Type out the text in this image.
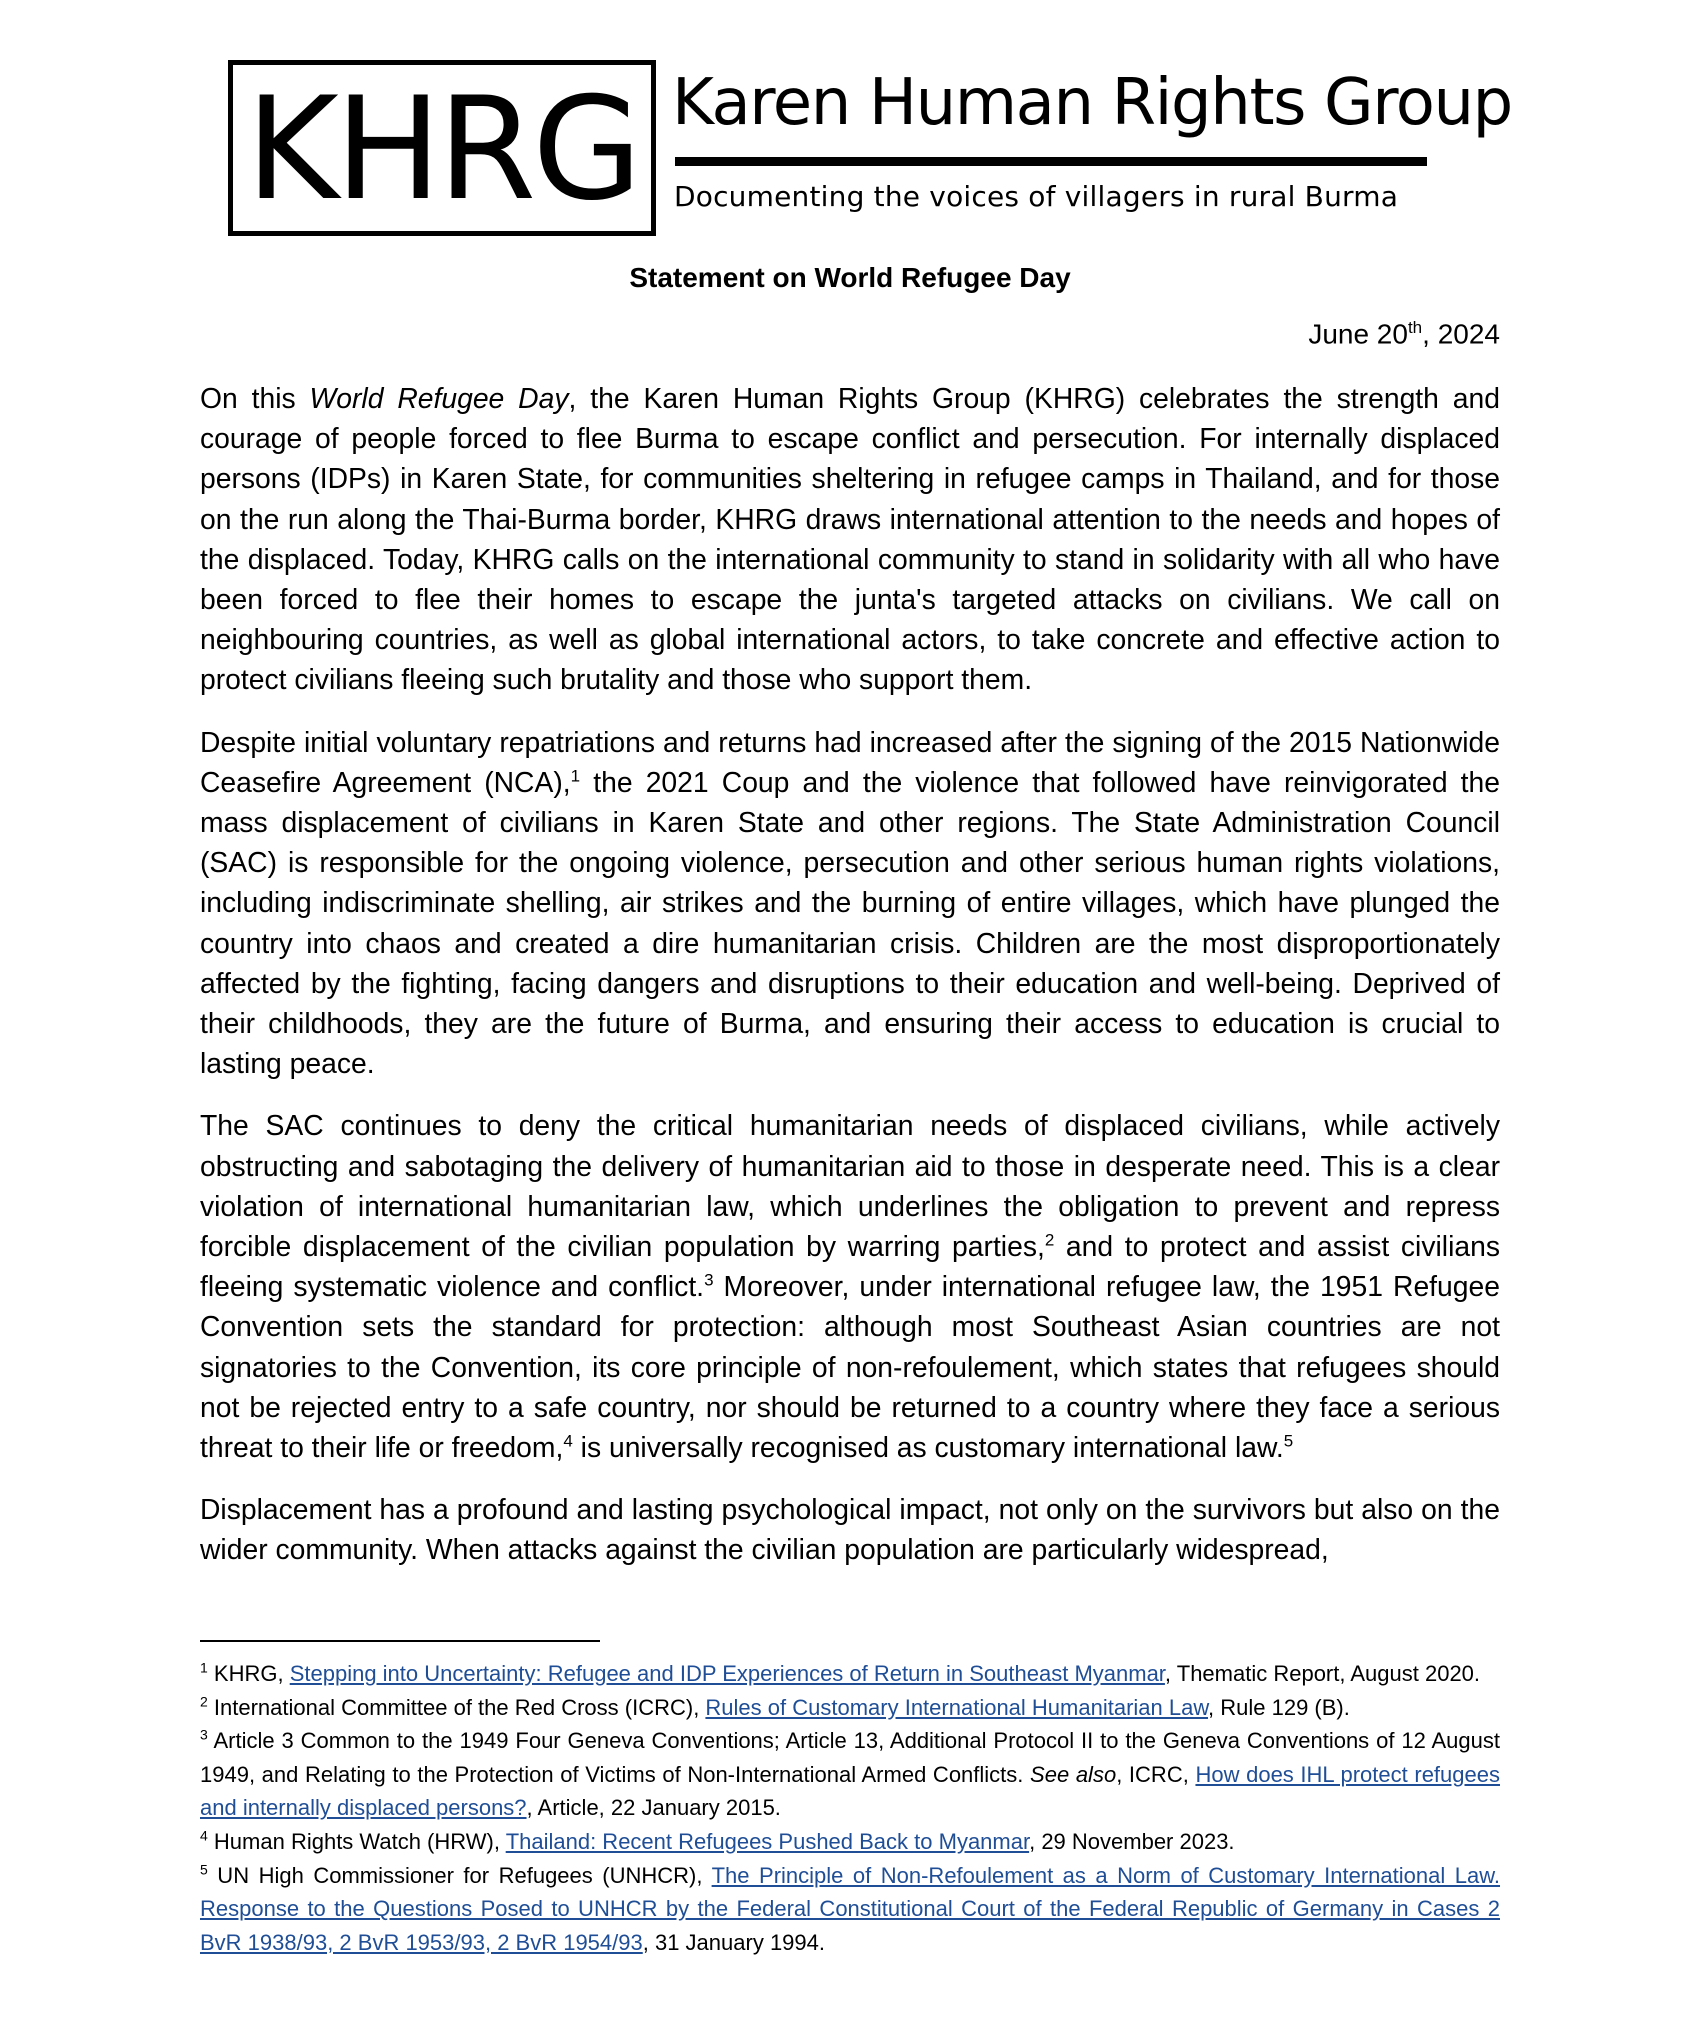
KHRG Karen Human Rights Group
Documenting the voices of villagers in rural Burma
Statement on World Refugee Day
June 20th, 2024

On this World Refugee Day, the Karen Human Rights Group (KHRG) celebrates the strength and courage of people forced to flee Burma to escape conflict and persecution. For internally displaced persons (IDPs) in Karen State, for communities sheltering in refugee camps in Thailand, and for those on the run along the Thai-Burma border, KHRG draws international attention to the needs and hopes of the displaced. Today, KHRG calls on the international community to stand in solidarity with all who have been forced to flee their homes to escape the junta's targeted attacks on civilians. We call on neighbouring countries, as well as global international actors, to take concrete and effective action to protect civilians fleeing such brutality and those who support them.

Despite initial voluntary repatriations and returns had increased after the signing of the 2015 Nationwide Ceasefire Agreement (NCA),$^1$ the 2021 Coup and the violence that followed have reinvigorated the mass displacement of civilians in Karen State and other regions. The State Administration Council (SAC) is responsible for the ongoing violence, persecution and other serious human rights violations, including indiscriminate shelling, air strikes and the burning of entire villages, which have plunged the country into chaos and created a dire humanitarian crisis. Children are the most disproportionately affected by the fighting, facing dangers and disruptions to their education and well-being. Deprived of their childhoods, they are the future of Burma, and ensuring their access to education is crucial to lasting peace.

The SAC continues to deny the critical humanitarian needs of displaced civilians, while actively obstructing and sabotaging the delivery of humanitarian aid to those in desperate need. This is a clear violation of international humanitarian law, which underlines the obligation to prevent and repress forcible displacement of the civilian population by warring parties,$^2$ and to protect and assist civilians fleeing systematic violence and conflict.$^3$ Moreover, under international refugee law, the 1951 Refugee Convention sets the standard for protection: although most Southeast Asian countries are not signatories to the Convention, its core principle of non-refoulement, which states that refugees should not be rejected entry to a safe country, nor should be returned to a country where they face a serious threat to their life or freedom,$^4$ is universally recognised as customary international law.$^5$

Displacement has a profound and lasting psychological impact, not only on the survivors but also on the wider community. When attacks against the civilian population are particularly widespread,

$^1$ KHRG, Stepping into Uncertainty: Refugee and IDP Experiences of Return in Southeast Myanmar, Thematic Report, August 2020.

$^2$ International Committee of the Red Cross (ICRC), Rules of Customary International Humanitarian Law, Rule 129 (B).

$^3$ Article 3 Common to the 1949 Four Geneva Conventions; Article 13, Additional Protocol II to the Geneva Conventions of 12 August 1949, and Relating to the Protection of Victims of Non-International Armed Conflicts. See also, ICRC, How does IHL protect refugees and internally displaced persons?, Article, 22 January 2015.

$^4$ Human Rights Watch (HRW), Thailand: Recent Refugees Pushed Back to Myanmar, 29 November 2023.

$^5$ UN High Commissioner for Refugees (UNHCR), The Principle of Non-Refoulement as a Norm of Customary International Law. Response to the Questions Posed to UNHCR by the Federal Constitutional Court of the Federal Republic of Germany in Cases 2 BvR 1938/93, 2 BvR 1953/93, 2 BvR 1954/93, 31 January 1994.
